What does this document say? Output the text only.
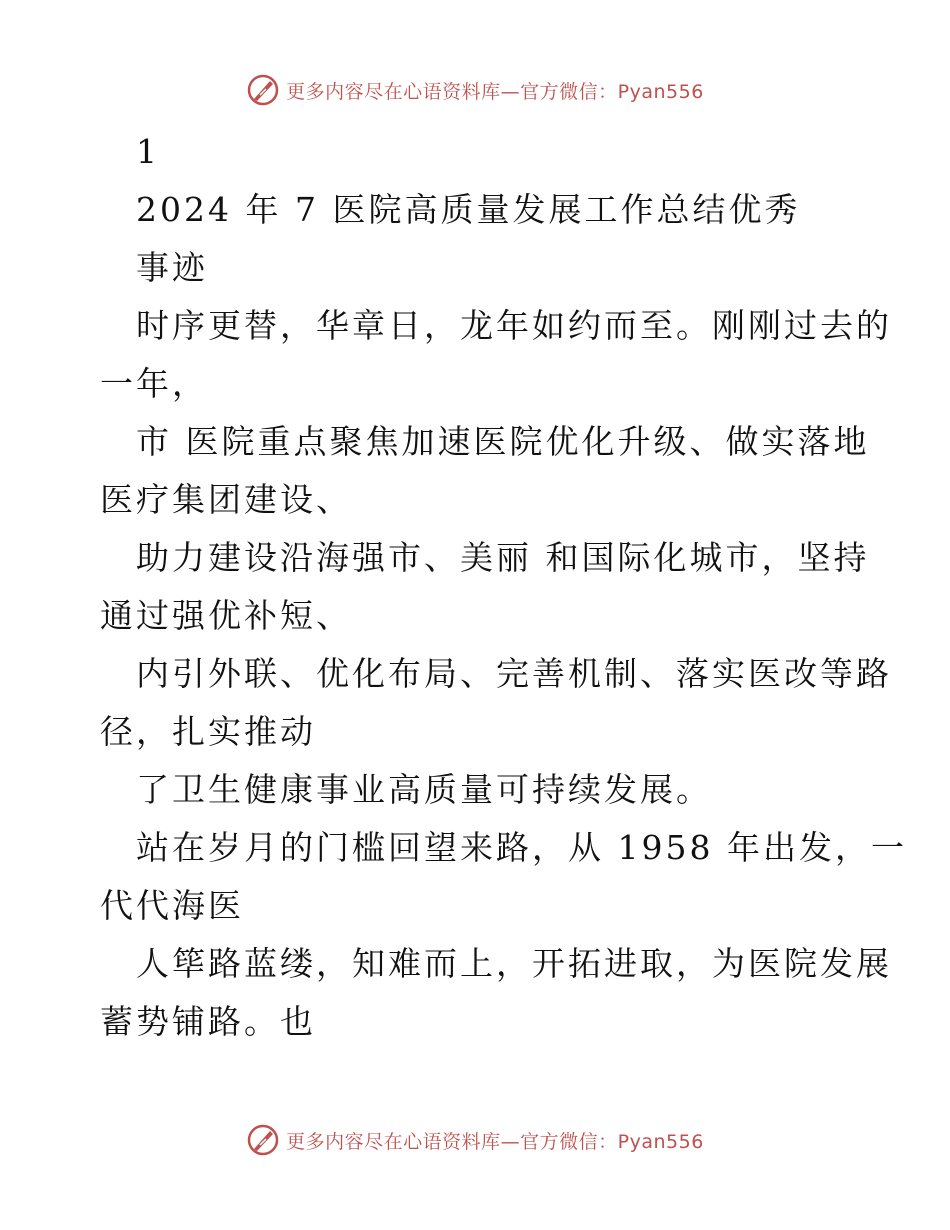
更多内容尽在心语资料库—官方微信：Pyan556
1
2024 年 7 医院高质量发展工作总结优秀
事迹
时序更替，华章日，龙年如约而至。刚刚过去的
一年，
市 医院重点聚焦加速医院优化升级、做实落地
医疗集团建设、
助力建设沿海强市、美丽 和国际化城市，坚持
通过强优补短、
内引外联、优化布局、完善机制、落实医改等路
径，扎实推动
了卫生健康事业高质量可持续发展。
站在岁月的门槛回望来路，从 1958 年出发，一
代代海医
人筚路蓝缕，知难而上，开拓进取，为医院发展
蓄势铺路。也
更多内容尽在心语资料库—官方微信：Pyan556
